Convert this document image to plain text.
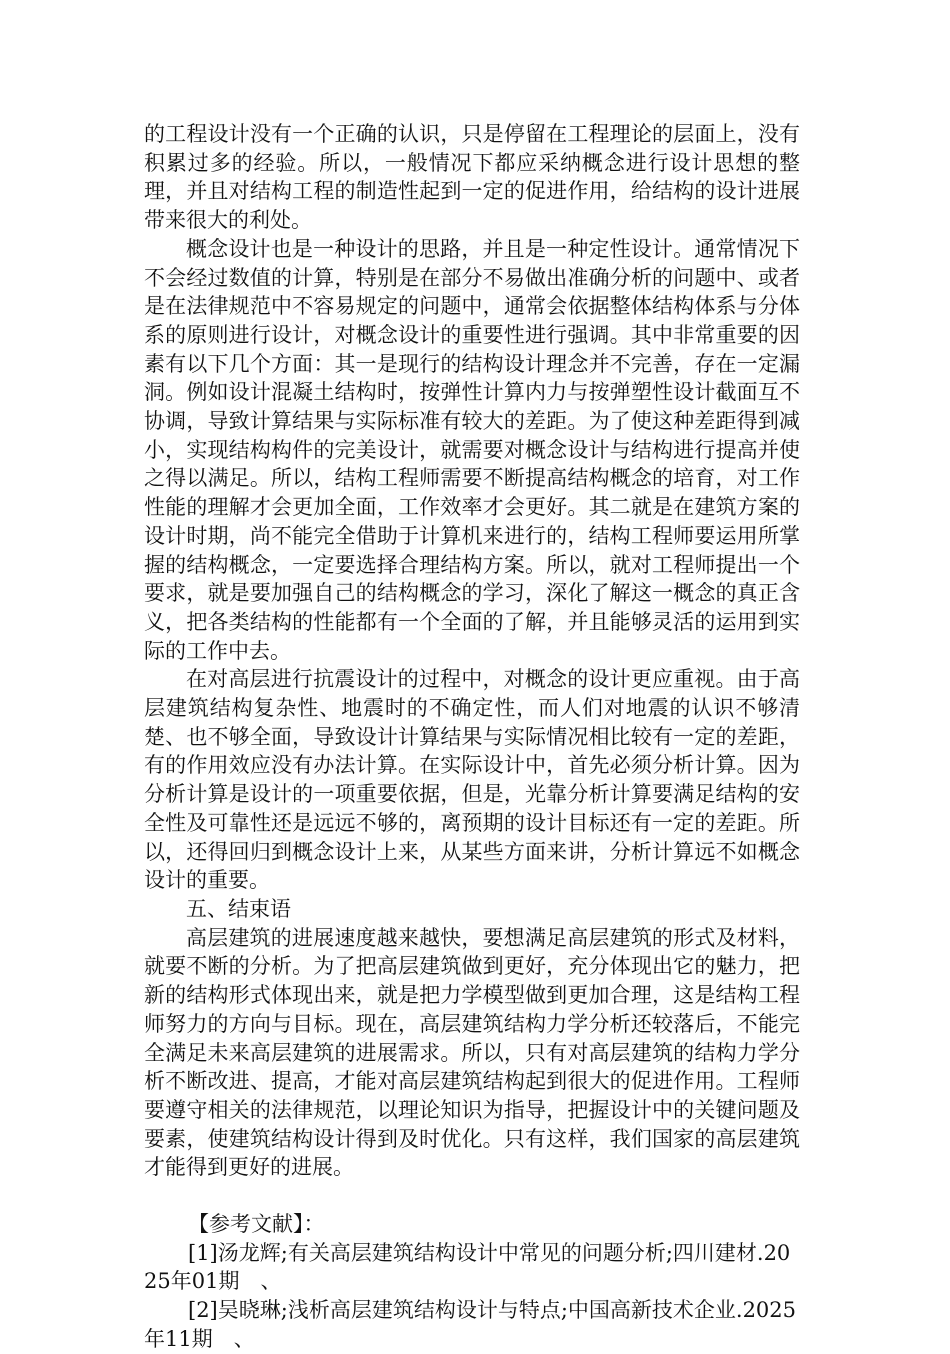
的工程设计没有一个正确的认识，只是停留在工程理论的层面上，没有积累过多的经验。所以，一般情况下都应采纳概念进行设计思想的整理，并且对结构工程的制造性起到一定的促进作用，给结构的设计进展带来很大的利处。

概念设计也是一种设计的思路，并且是一种定性设计。通常情况下不会经过数值的计算，特别是在部分不易做出准确分析的问题中、或者是在法律规范中不容易规定的问题中，通常会依据整体结构体系与分体系的原则进行设计，对概念设计的重要性进行强调。其中非常重要的因素有以下几个方面：其一是现行的结构设计理念并不完善，存在一定漏洞。例如设计混凝土结构时，按弹性计算内力与按弹塑性设计截面互不协调，导致计算结果与实际标准有较大的差距。为了使这种差距得到减小，实现结构构件的完美设计，就需要对概念设计与结构进行提高并使之得以满足。所以，结构工程师需要不断提高结构概念的培育，对工作性能的理解才会更加全面，工作效率才会更好。其二就是在建筑方案的设计时期，尚不能完全借助于计算机来进行的，结构工程师要运用所掌握的结构概念，一定要选择合理结构方案。所以，就对工程师提出一个要求，就是要加强自己的结构概念的学习，深化了解这一概念的真正含义，把各类结构的性能都有一个全面的了解，并且能够灵活的运用到实际的工作中去。

在对高层进行抗震设计的过程中，对概念的设计更应重视。由于高层建筑结构复杂性、地震时的不确定性，而人们对地震的认识不够清楚、也不够全面，导致设计计算结果与实际情况相比较有一定的差距，有的作用效应没有办法计算。在实际设计中，首先必须分析计算。因为分析计算是设计的一项重要依据，但是，光靠分析计算要满足结构的安全性及可靠性还是远远不够的，离预期的设计目标还有一定的差距。所以，还得回归到概念设计上来，从某些方面来讲，分析计算远不如概念设计的重要。

五、结束语

高层建筑的进展速度越来越快，要想满足高层建筑的形式及材料，就要不断的分析。为了把高层建筑做到更好，充分体现出它的魅力，把新的结构形式体现出来，就是把力学模型做到更加合理，这是结构工程师努力的方向与目标。现在，高层建筑结构力学分析还较落后，不能完全满足未来高层建筑的进展需求。所以，只有对高层建筑的结构力学分析不断改进、提高，才能对高层建筑结构起到很大的促进作用。工程师要遵守相关的法律规范，以理论知识为指导，把握设计中的关键问题及要素，使建筑结构设计得到及时优化。只有这样，我们国家的高层建筑才能得到更好的进展。

【参考文献】：

[1]汤龙辉;有关高层建筑结构设计中常见的问题分析;四川建材.2025年01期　、

[2]吴晓琳;浅析高层建筑结构设计与特点;中国高新技术企业.2025年11期　、
